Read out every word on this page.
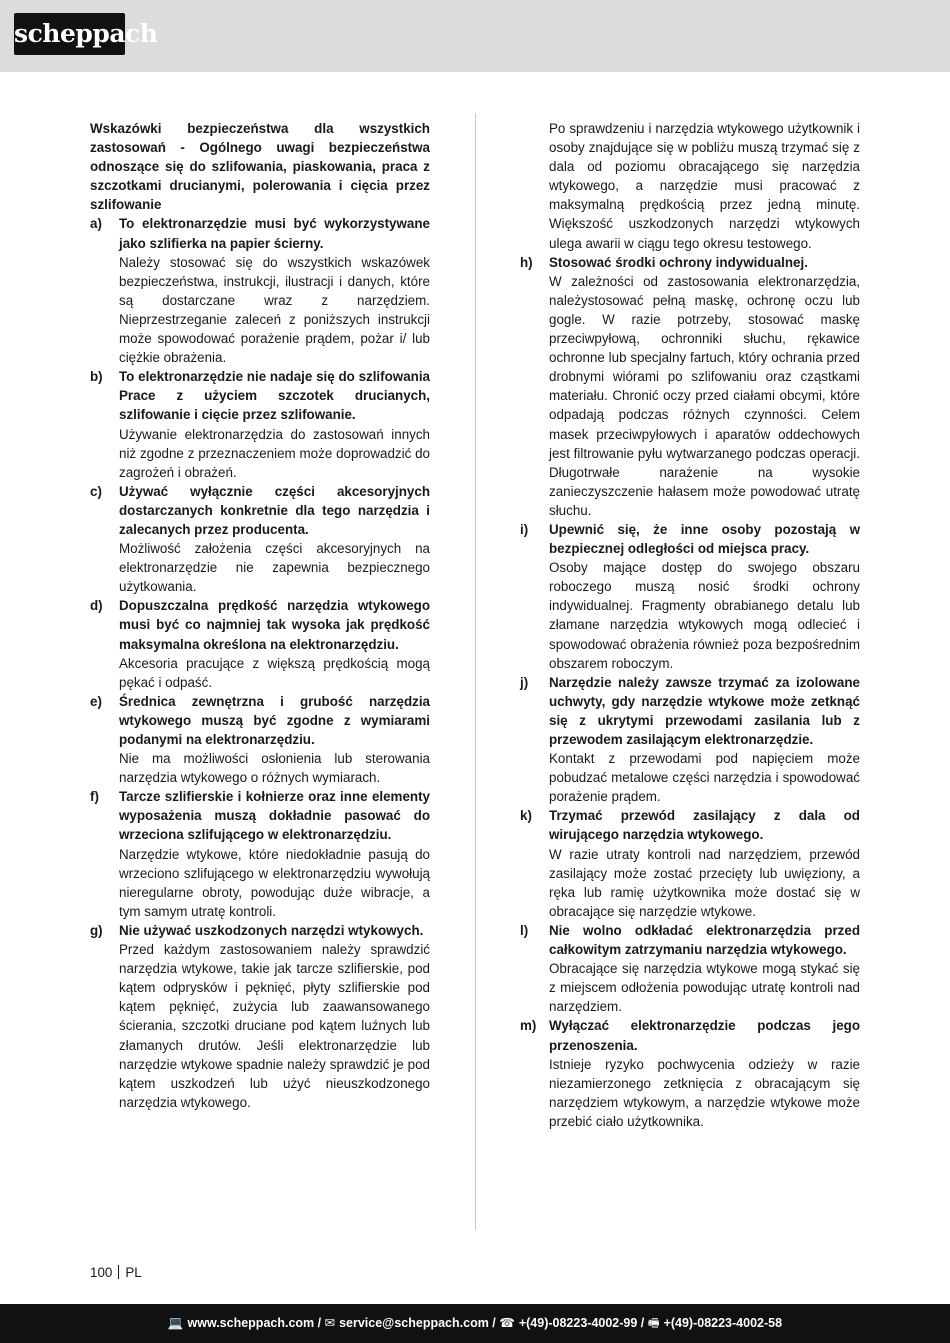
scheppach
Wskazówki bezpieczeństwa dla wszystkich zastosowań - Ogólnego uwagi bezpieczeństwa odnoszące się do szlifowania, piaskowania, praca z szczotkami drucianymi, polerowania i cięcia przez szlifowanie
a) To elektronarzędzie musi być wykorzystywane jako szlifierka na papier ścierny.
Należy stosować się do wszystkich wskazówek bezpieczeństwa, instrukcji, ilustracji i danych, które są dostarczane wraz z narzędziem. Nieprzestrzeganie zaleceń z poniższych instrukcji może spowodować porażenie prądem, pożar i/ lub ciężkie obrażenia.
b) To elektronarzędzie nie nadaje się do szlifowania Prace z użyciem szczotek drucianych, szlifowanie i cięcie przez szlifowanie.
Używanie elektronarzędzia do zastosowań innych niż zgodne z przeznaczeniem może doprowadzić do zagrożeń i obrażeń.
c) Używać wyłącznie części akcesoryjnych dostarczanych konkretnie dla tego narzędzia i zalecanych przez producenta.
Możliwość założenia części akcesoryjnych na elektronarzędzie nie zapewnia bezpiecznego użytkowania.
d) Dopuszczalna prędkość narzędzia wtykowego musi być co najmniej tak wysoka jak prędkość maksymalna określona na elektronarzędziu.
Akcesoria pracujące z większą prędkością mogą pękać i odpaść.
e) Średnica zewnętrzna i grubość narzędzia wtykowego muszą być zgodne z wymiarami podanymi na elektronarzędziu.
Nie ma możliwości osłonienia lub sterowania narzędzia wtykowego o różnych wymiarach.
f) Tarcze szlifierskie i kołnierze oraz inne elementy wyposażenia muszą dokładnie pasować do wrzeciona szlifującego w elektronarzędziu.
Narzędzie wtykowe, które niedokładnie pasują do wrzeciono szlifującego w elektronarzędziu wywołują nieregularne obroty, powodując duże wibracje, a tym samym utratę kontroli.
g) Nie używać uszkodzonych narzędzi wtykowych.
Przed każdym zastosowaniem należy sprawdzić narzędzia wtykowe, takie jak tarcze szlifierskie, pod kątem odprysków i pęknięć, płyty szlifierskie pod kątem pęknięć, zużycia lub zaawansowanego ścierania, szczotki druciane pod kątem luźnych lub złamanych drutów. Jeśli elektronarzędzie lub narzędzie wtykowe spadnie należy sprawdzić je pod kątem uszkodzeń lub użyć nieuszkodzonego narzędzia wtykowego.
Po sprawdzeniu i narzędzia wtykowego użytkownik i osoby znajdujące się w pobliżu muszą trzymać się z dala od poziomu obracającego się narzędzia wtykowego, a narzędzie musi pracować z maksymalną prędkością przez jedną minutę. Większość uszkodzonych narzędzi wtykowych ulega awarii w ciągu tego okresu testowego.
h) Stosować środki ochrony indywidualnej.
W zależności od zastosowania elektronarzędzia, należystosować pełną maskę, ochronę oczu lub gogle. W razie potrzeby, stosować maskę przeciwpyłową, ochronniki słuchu, rękawice ochronne lub specjalny fartuch, który ochrania przed drobnymi wiórami po szlifowaniu oraz cząstkami materiału. Chronić oczy przed ciałami obcymi, które odpadają podczas różnych czynności. Celem masek przeciwpyłowych i aparatów oddechowych jest filtrowanie pyłu wytwarzanego podczas operacji. Długotrwałe narażenie na wysokie zanieczyszczenie hałasem może powodować utratę słuchu.
i) Upewnić się, że inne osoby pozostają w bezpiecznej odległości od miejsca pracy.
Osoby mające dostęp do swojego obszaru roboczego muszą nosić środki ochrony indywidualnej. Fragmenty obrabianego detalu lub złamane narzędzia wtykowych mogą odlecieć i spowodować obrażenia również poza bezpośrednim obszarem roboczym.
j) Narzędzie należy zawsze trzymać za izolowane uchwyty, gdy narzędzie wtykowe może zetknąć się z ukrytymi przewodami zasilania lub z przewodem zasilającym elektronarzędzie.
Kontakt z przewodami pod napięciem może pobudzać metalowe części narzędzia i spowodować porażenie prądem.
k) Trzymać przewód zasilający z dala od wirującego narzędzia wtykowego.
W razie utraty kontroli nad narzędziem, przewód zasilający może zostać przecięty lub uwięziony, a ręka lub ramię użytkownika może dostać się w obracające się narzędzie wtykowe.
l) Nie wolno odkładać elektronarzędzia przed całkowitym zatrzymaniu narzędzia wtykowego.
Obracające się narzędzia wtykowe mogą stykać się z miejscem odłożenia powodując utratę kontroli nad narzędziem.
m) Wyłączać elektronarzędzie podczas jego przenoszenia.
Istnieje ryzyko pochwycenia odzieży w razie niezamierzonego zetknięcia z obracającym się narzędziem wtykowym, a narzędzie wtykowe może przebić ciało użytkownika.
100 PL
💻 www.scheppach.com / ✉ service@scheppach.com / ☎ +(49)-08223-4002-99 / 🖷 +(49)-08223-4002-58
